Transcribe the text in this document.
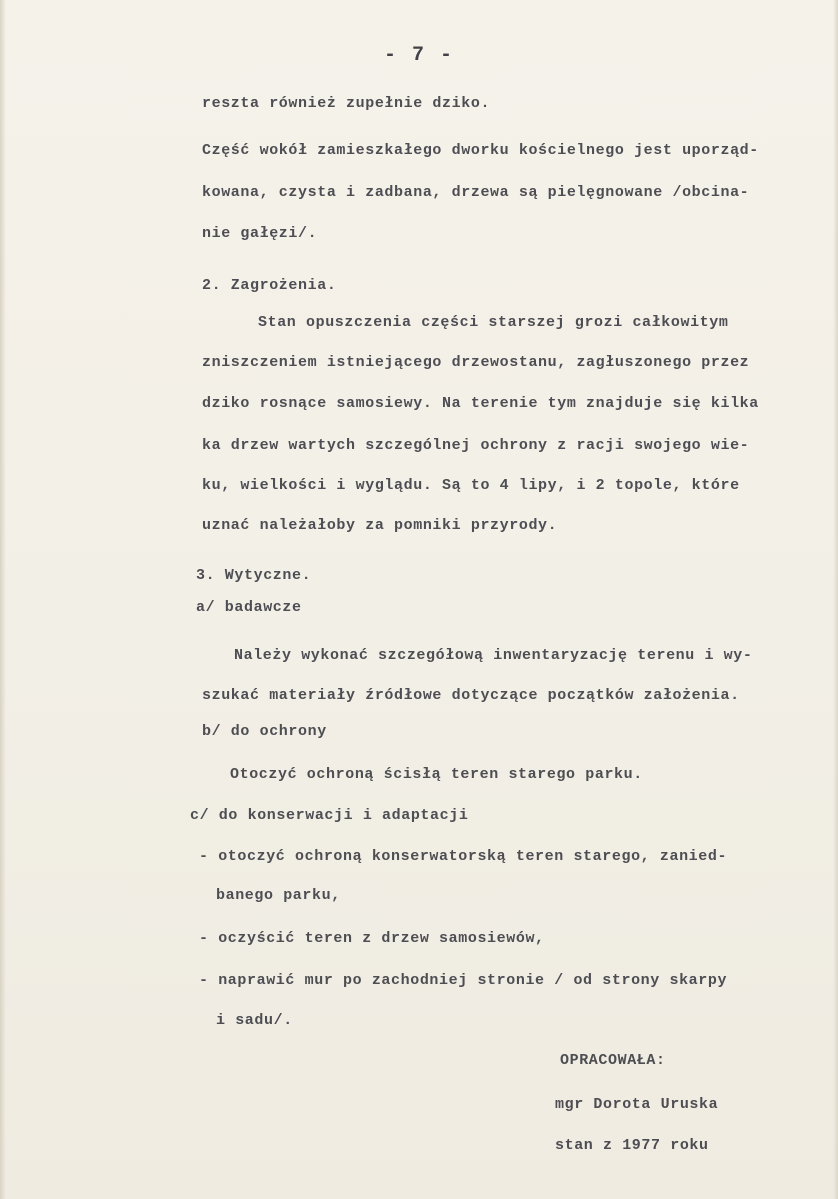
- 7 -

reszta również zupełnie dziko.

Część wokół zamieszkałego dworku kościelnego jest uporząd-

kowana, czysta i zadbana, drzewa są pielęgnowane /obcina-

nie gałęzi/.

2. Zagrożenia.

Stan opuszczenia części starszej grozi całkowitym

zniszczeniem istniejącego drzewostanu, zagłuszonego przez

dziko rosnące samosiewy. Na terenie tym znajduje się kilka

ka drzew wartych szczególnej ochrony z racji swojego wie-

ku, wielkości i wyglądu. Są to 4 lipy, i 2 topole, które

uznać należałoby za pomniki przyrody.

3. Wytyczne.

a/ badawcze

Należy wykonać szczegółową inwentaryzację terenu i wy-

szukać materiały źródłowe dotyczące początków założenia.

b/ do ochrony

Otoczyć ochroną ścisłą teren starego parku.

c/ do konserwacji i adaptacji

- otoczyć ochroną konserwatorską teren starego, zanied-

banego parku,

- oczyścić teren z drzew samosiewów,

- naprawić mur po zachodniej stronie / od strony skarpy

i sadu/.

OPRACOWAŁA:

mgr Dorota Uruska

stan z 1977 roku
